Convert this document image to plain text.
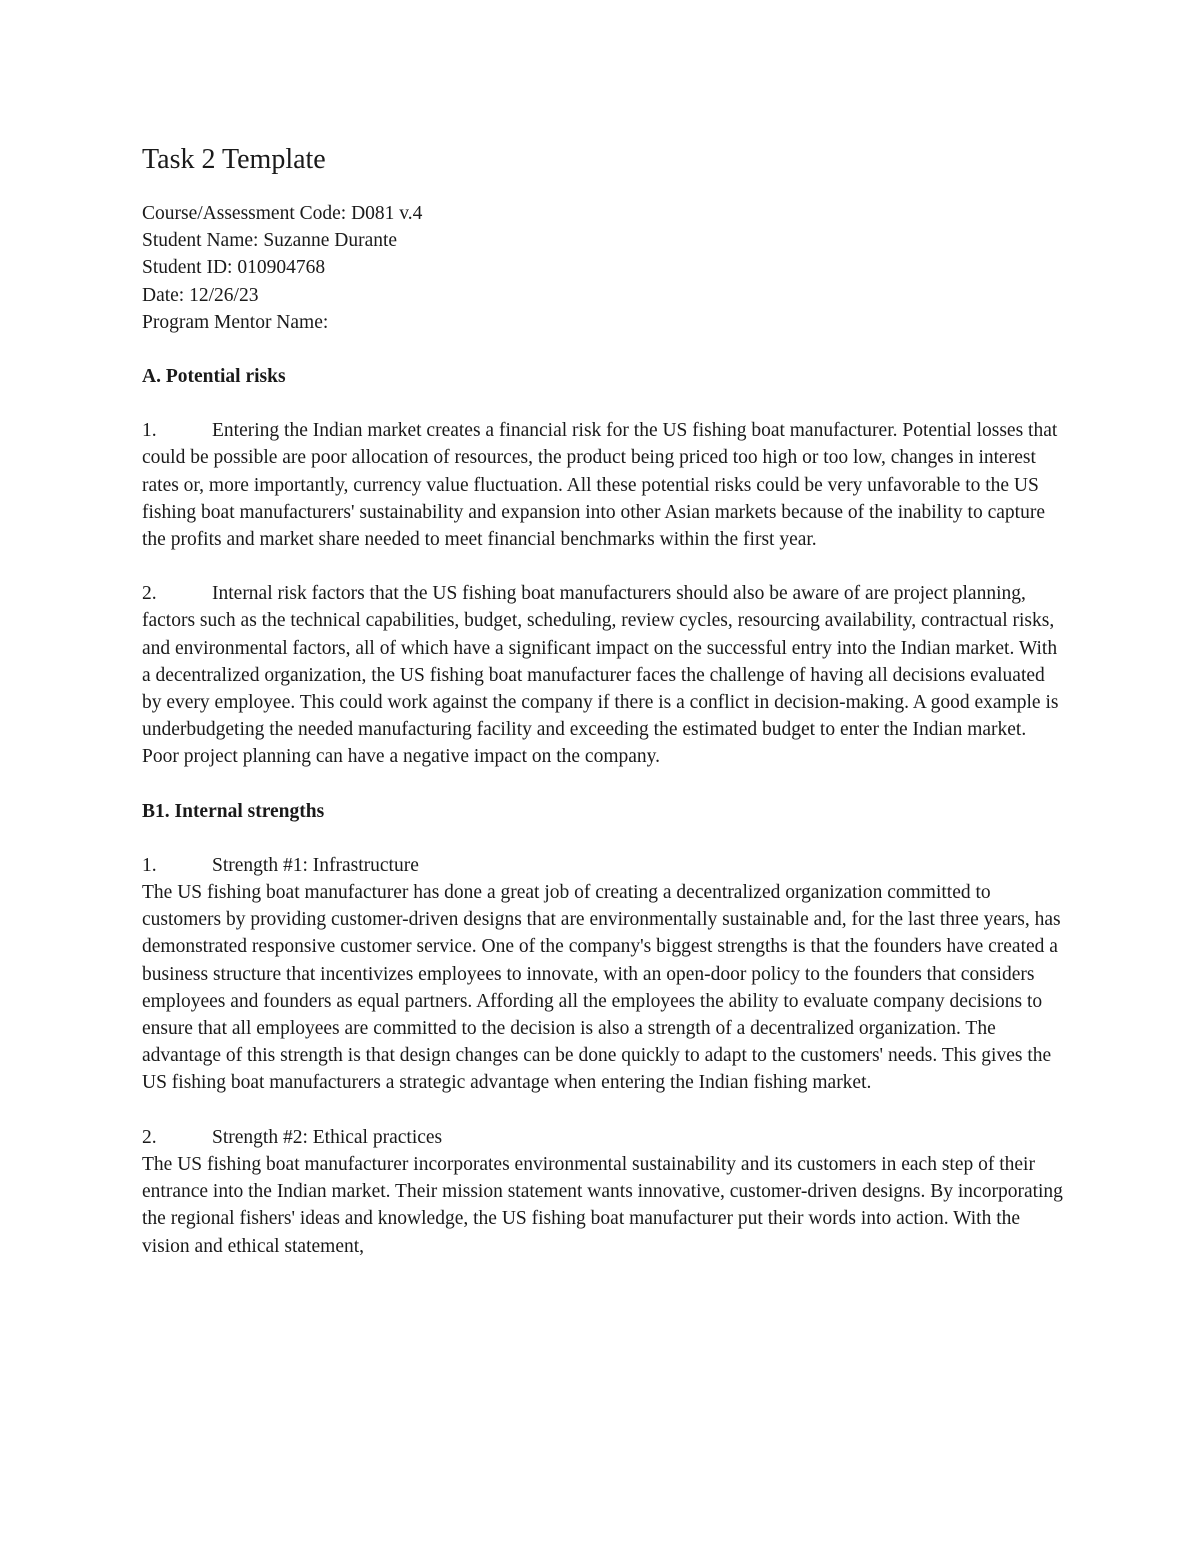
Task 2 Template
Course/Assessment Code: D081 v.4
Student Name: Suzanne Durante
Student ID: 010904768
Date: 12/26/23
Program Mentor Name:
A. Potential risks

1.	Entering the Indian market creates a financial risk for the US fishing boat manufacturer. Potential losses that could be possible are poor allocation of resources, the product being priced too high or too low, changes in interest rates or, more importantly, currency value fluctuation. All these potential risks could be very unfavorable to the US fishing boat manufacturers' sustainability and expansion into other Asian markets because of the inability to capture the profits and market share needed to meet financial benchmarks within the first year.

2.	Internal risk factors that the US fishing boat manufacturers should also be aware of are project planning, factors such as the technical capabilities, budget, scheduling, review cycles, resourcing availability, contractual risks, and environmental factors, all of which have a significant impact on the successful entry into the Indian market. With a decentralized organization, the US fishing boat manufacturer faces the challenge of having all decisions evaluated by every employee. This could work against the company if there is a conflict in decision-making. A good example is underbudgeting the needed manufacturing facility and exceeding the estimated budget to enter the Indian market. Poor project planning can have a negative impact on the company.

B1. Internal strengths
1.	Strength #1: Infrastructure
The US fishing boat manufacturer has done a great job of creating a decentralized organization committed to customers by providing customer-driven designs that are environmentally sustainable and, for the last three years, has demonstrated responsive customer service. One of the company's biggest strengths is that the founders have created a business structure that incentivizes employees to innovate, with an open-door policy to the founders that considers employees and founders as equal partners. Affording all the employees the ability to evaluate company decisions to ensure that all employees are committed to the decision is also a strength of a decentralized organization. The advantage of this strength is that design changes can be done quickly to adapt to the customers' needs. This gives the US fishing boat manufacturers a strategic advantage when entering the Indian fishing market.
2.	Strength #2: Ethical practices
The US fishing boat manufacturer incorporates environmental sustainability and its customers in each step of their entrance into the Indian market. Their mission statement wants innovative, customer-driven designs. By incorporating the regional fishers' ideas and knowledge, the US fishing boat manufacturer put their words into action. With the vision and ethical statement,
